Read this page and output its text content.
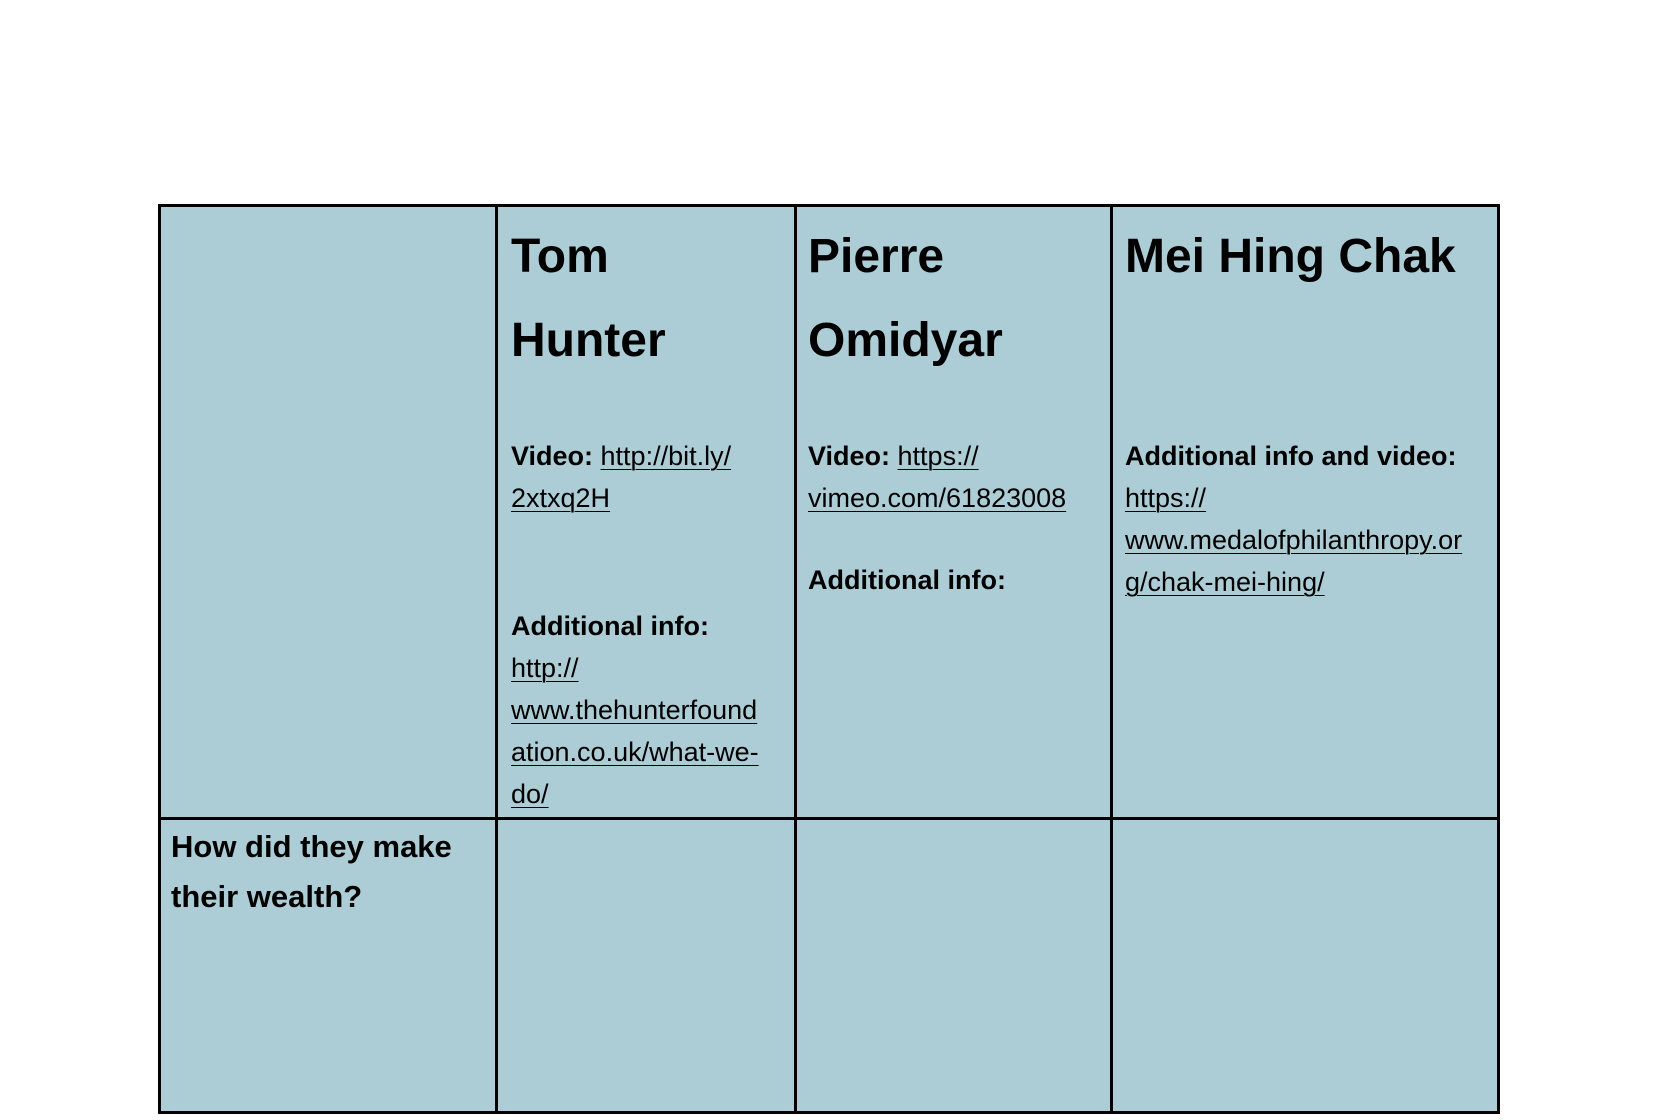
Tom
Hunter

Video: http://bit.ly/
2xtxq2H

Additional info:
http://
www.thehunterfound
ation.co.uk/what-we-
do/

Pierre
Omidyar

Video: https://
vimeo.com/61823008

Additional info:

Mei Hing Chak

Additional info and video:
https://
www.medalofphilanthropy.or
g/chak-mei-hing/

How did they make
their wealth?
